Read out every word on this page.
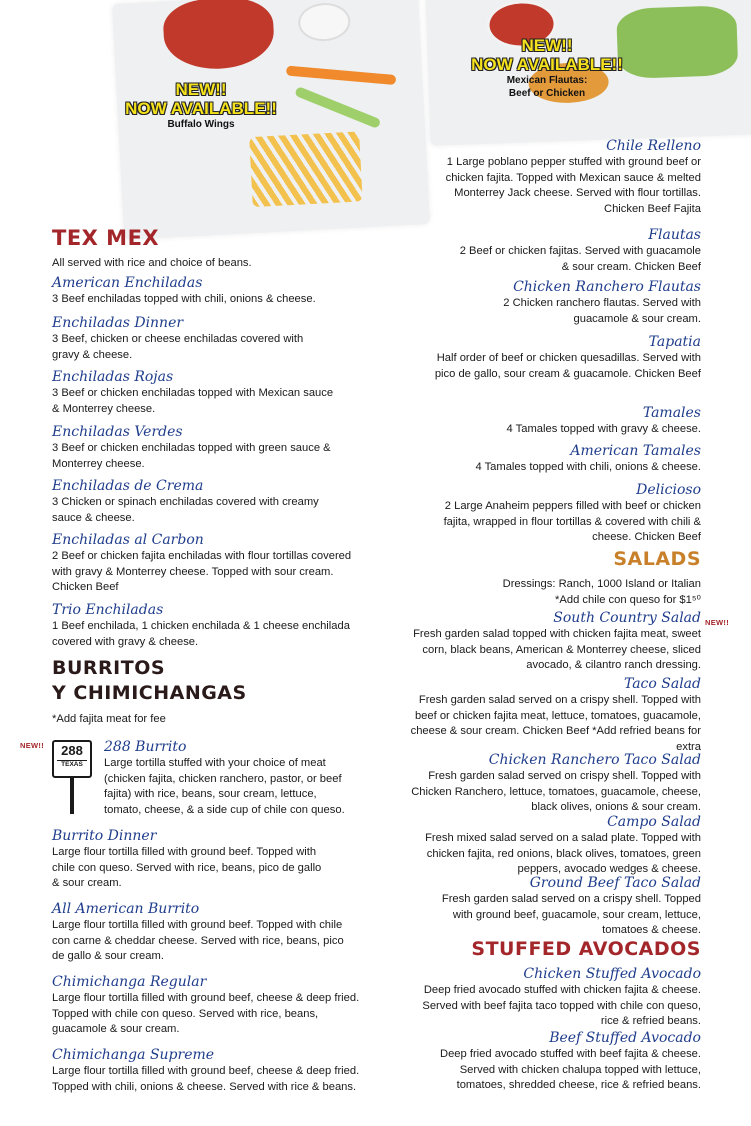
NEW!!
NOW AVAILABLE!!
Buffalo Wings
NEW!!
NOW AVAILABLE!!
Mexican Flautas:
Beef or Chicken
TEX MEX
All served with rice and choice of beans.
American Enchiladas
3 Beef enchiladas topped with chili, onions & cheese.
Enchiladas Dinner
3 Beef, chicken or cheese enchiladas covered with gravy & cheese.
Enchiladas Rojas
3 Beef or chicken enchiladas topped with Mexican sauce & Monterrey cheese.
Enchiladas Verdes
3 Beef or chicken enchiladas topped with green sauce & Monterrey cheese.
Enchiladas de Crema
3 Chicken or spinach enchiladas covered with creamy sauce & cheese.
Enchiladas al Carbon
2 Beef or chicken fajita enchiladas with flour tortillas covered with gravy & Monterrey cheese. Topped with sour cream. Chicken Beef
Trio Enchiladas
1 Beef enchilada, 1 chicken enchilada & 1 cheese enchilada covered with gravy & cheese.
BURRITOS
Y CHIMICHANGAS
*Add fajita meat for fee
NEW!!	288
TEXAS
288 Burrito
Large tortilla stuffed with your choice of meat (chicken fajita, chicken ranchero, pastor, or beef fajita) with rice, beans, sour cream, lettuce, tomato, cheese, & a side cup of chile con queso.
Burrito Dinner
Large flour tortilla filled with ground beef. Topped with chile con queso. Served with rice, beans, pico de gallo & sour cream.
All American Burrito
Large flour tortilla filled with ground beef. Topped with chile con carne & cheddar cheese. Served with rice, beans, pico de gallo & sour cream.
Chimichanga Regular
Large flour tortilla filled with ground beef, cheese & deep fried. Topped with chile con queso. Served with rice, beans, guacamole & sour cream.
Chimichanga Supreme
Large flour tortilla filled with ground beef, cheese & deep fried. Topped with chili, onions & cheese. Served with rice & beans.
Chile Relleno
1 Large poblano pepper stuffed with ground beef or chicken fajita. Topped with Mexican sauce & melted Monterrey Jack cheese. Served with flour tortillas. Chicken Beef Fajita
Flautas
2 Beef or chicken fajitas. Served with guacamole & sour cream. Chicken Beef
Chicken Ranchero Flautas
2 Chicken ranchero flautas. Served with guacamole & sour cream.
Tapatia
Half order of beef or chicken quesadillas. Served with pico de gallo, sour cream & guacamole. Chicken Beef
Tamales
4 Tamales topped with gravy & cheese.
American Tamales
4 Tamales topped with chili, onions & cheese.
Delicioso
2 Large Anaheim peppers filled with beef or chicken fajita, wrapped in flour tortillas & covered with chili & cheese. Chicken Beef
SALADS
Dressings: Ranch, 1000 Island or Italian
*Add chile con queso for $1⁵⁰
NEW!!
South Country Salad
Fresh garden salad topped with chicken fajita meat, sweet corn, black beans, American & Monterrey cheese, sliced avocado, & cilantro ranch dressing.
Taco Salad
Fresh garden salad served on a crispy shell. Topped with beef or chicken fajita meat, lettuce, tomatoes, guacamole, cheese & sour cream. Chicken Beef *Add refried beans for extra
Chicken Ranchero Taco Salad
Fresh garden salad served on crispy shell. Topped with Chicken Ranchero, lettuce, tomatoes, guacamole, cheese, black olives, onions & sour cream.
Campo Salad
Fresh mixed salad served on a salad plate. Topped with chicken fajita, red onions, black olives, tomatoes, green peppers, avocado wedges & cheese.
Ground Beef Taco Salad
Fresh garden salad served on a crispy shell. Topped with ground beef, guacamole, sour cream, lettuce, tomatoes & cheese.
STUFFED AVOCADOS
Chicken Stuffed Avocado
Deep fried avocado stuffed with chicken fajita & cheese. Served with beef fajita taco topped with chile con queso, rice & refried beans.
Beef Stuffed Avocado
Deep fried avocado stuffed with beef fajita & cheese. Served with chicken chalupa topped with lettuce, tomatoes, shredded cheese, rice & refried beans.
